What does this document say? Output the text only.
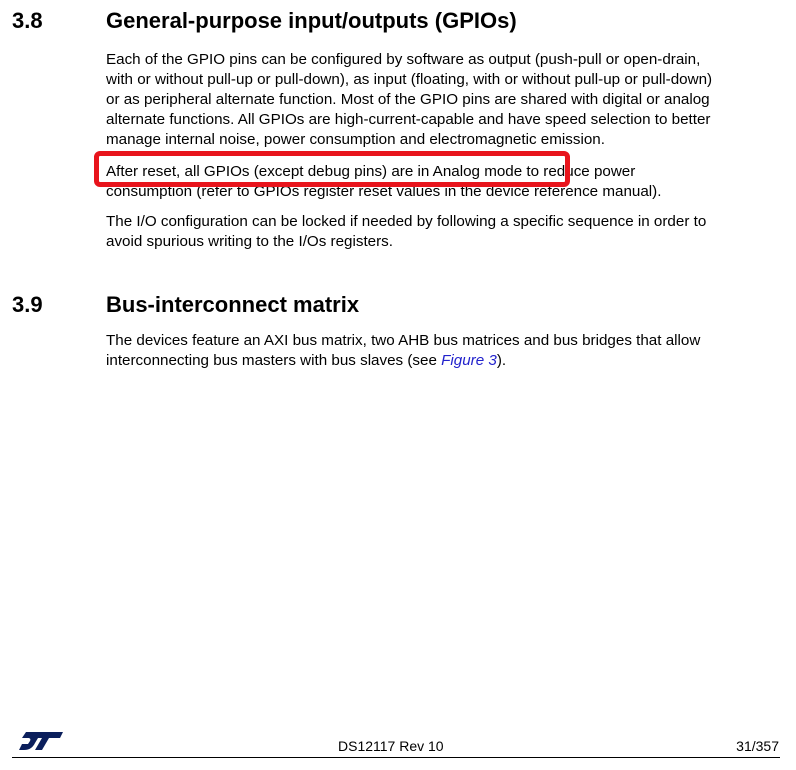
3.8	General-purpose input/outputs (GPIOs)
Each of the GPIO pins can be configured by software as output (push-pull or open-drain,
with or without pull-up or pull-down), as input (floating, with or without pull-up or pull-down)
or as peripheral alternate function. Most of the GPIO pins are shared with digital or analog
alternate functions. All GPIOs are high-current-capable and have speed selection to better
manage internal noise, power consumption and electromagnetic emission.
After reset, all GPIOs (except debug pins) are in Analog mode to reduce power
consumption (refer to GPIOs register reset values in the device reference manual).
The I/O configuration can be locked if needed by following a specific sequence in order to
avoid spurious writing to the I/Os registers.
3.9	Bus-interconnect matrix
The devices feature an AXI bus matrix, two AHB bus matrices and bus bridges that allow
interconnecting bus masters with bus slaves (see Figure 3).
DS12117 Rev 10	31/357
